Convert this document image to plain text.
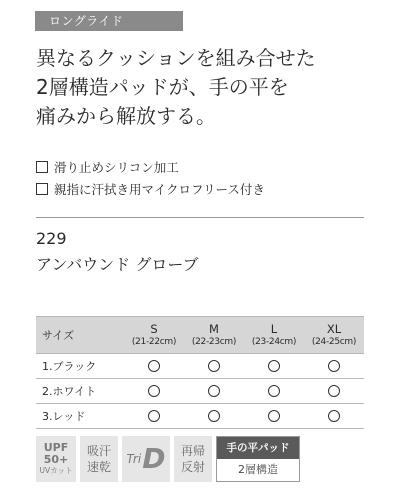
ロングライド
異なるクッションを組み合せた
2層構造パッドが、手の平を
痛みから解放する。
滑り止めシリコン加工
親指に汗拭き用マイクロフリース付き
229
アンバウンド グローブ
サイズ	S
(21-22cm)
M
(22-23cm)
L
(23-24cm)
XL
(24-25cm)
1.ブラック
2.ホワイト
3.レッド
UPF
50+
UVカット
吸汗
速乾
Tri D 再帰
反射
手の平パッド
2層構造
